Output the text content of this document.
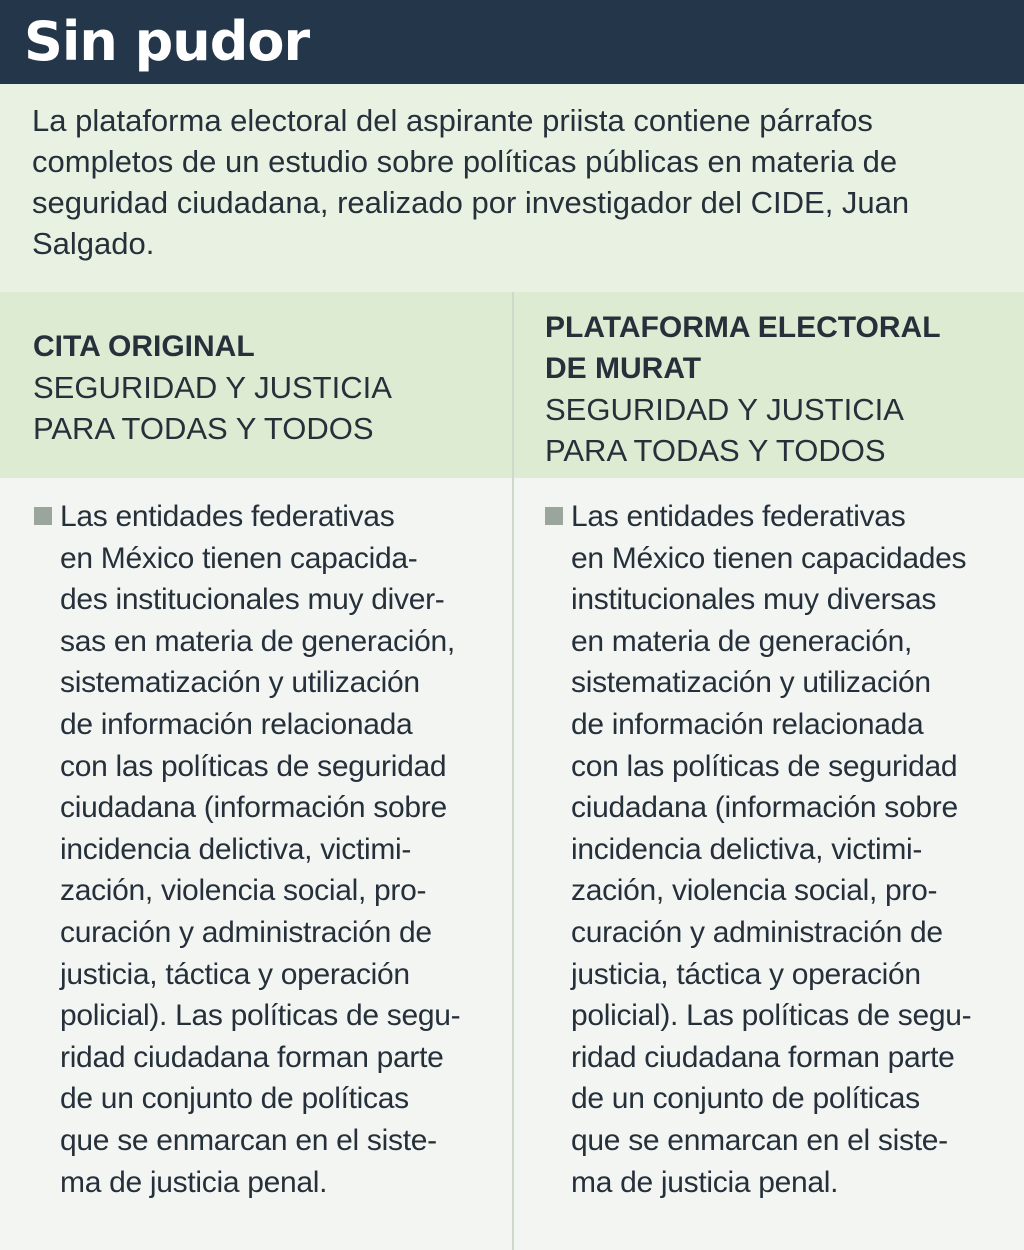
Sin pudor

La plataforma electoral del aspirante priista contiene párrafos completos de un estudio sobre políticas públicas en materia de seguridad ciudadana, realizado por investigador del CIDE, Juan Salgado.

CITA ORIGINAL

SEGURIDAD Y JUSTICIA

PARA TODAS Y TODOS

PLATAFORMA ELECTORAL

DE MURAT

SEGURIDAD Y JUSTICIA

PARA TODAS Y TODOS

Las entidades federativas
en México tienen capacida-
des institucionales muy diver-
sas en materia de generación,
sistematización y utilización
de información relacionada
con las políticas de seguridad
ciudadana (información sobre
incidencia delictiva, victimi-
zación, violencia social, pro-
curación y administración de
justicia, táctica y operación
policial). Las políticas de segu-
ridad ciudadana forman parte
de un conjunto de políticas
que se enmarcan en el siste-
ma de justicia penal.

Las entidades federativas
en México tienen capacidades
institucionales muy diversas
en materia de generación,
sistematización y utilización
de información relacionada
con las políticas de seguridad
ciudadana (información sobre
incidencia delictiva, victimi-
zación, violencia social, pro-
curación y administración de
justicia, táctica y operación
policial). Las políticas de segu-
ridad ciudadana forman parte
de un conjunto de políticas
que se enmarcan en el siste-
ma de justicia penal.
